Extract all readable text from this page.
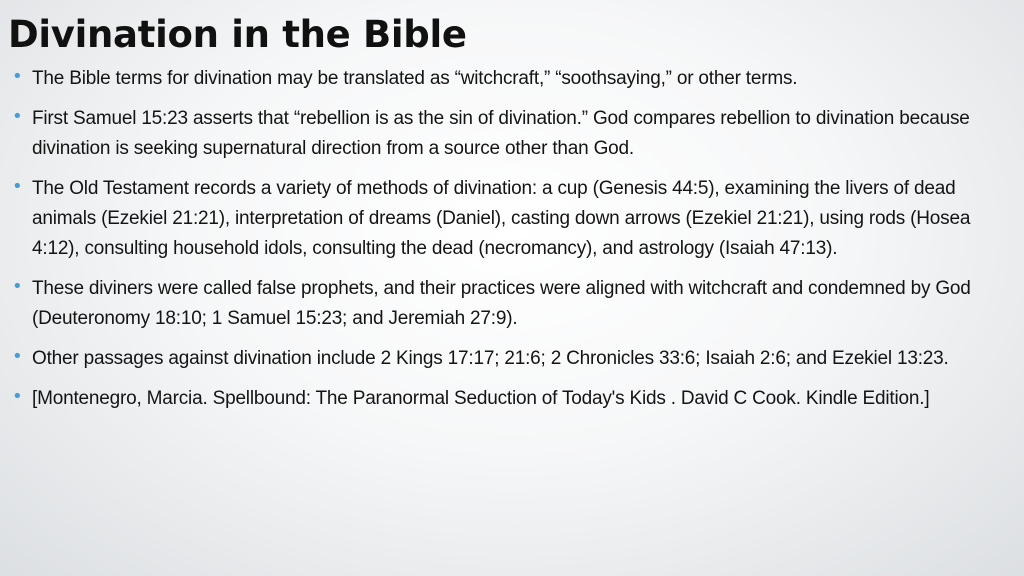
Divination in the Bible
• The Bible terms for divination may be translated as “witchcraft,” “soothsaying,” or other terms.
• First Samuel 15:23 asserts that “rebellion is as the sin of divination.” God compares rebellion to divination because divination is seeking supernatural direction from a source other than God.
• The Old Testament records a variety of methods of divination: a cup (Genesis 44:5), examining the livers of dead animals (Ezekiel 21:21), interpretation of dreams (Daniel), casting down arrows (Ezekiel 21:21), using rods (Hosea 4:12), consulting household idols, consulting the dead (necromancy), and astrology (Isaiah 47:13).
• These diviners were called false prophets, and their practices were aligned with witchcraft and condemned by God (Deuteronomy 18:10; 1 Samuel 15:23; and Jeremiah 27:9).
• Other passages against divination include 2 Kings 17:17; 21:6; 2 Chronicles 33:6; Isaiah 2:6; and Ezekiel 13:23.
• [Montenegro, Marcia. Spellbound: The Paranormal Seduction of Today's Kids . David C Cook. Kindle Edition.]
